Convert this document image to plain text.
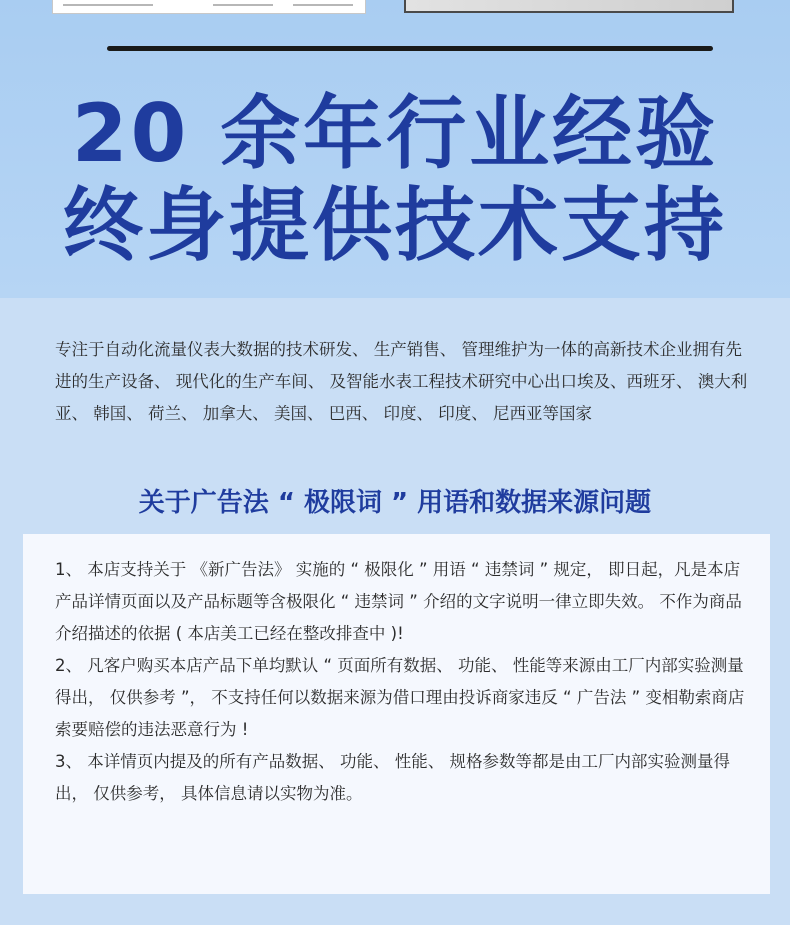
20 余年行业经验
终身提供技术支持
专注于自动化流量仪表大数据的技术研发、 生产销售、 管理维护为一体的高新技术企业拥有先进的生产设备、 现代化的生产车间、 及智能水表工程技术研究中心出口埃及、西班牙、 澳大利亚、 韩国、 荷兰、 加拿大、 美国、 巴西、 印度、 印度、 尼西亚等国家
关于广告法 “ 极限词 ” 用语和数据来源问题
1、 本店支持关于 《新广告法》 实施的 “ 极限化 ” 用语 “ 违禁词 ” 规定， 即日起，凡是本店产品详情页面以及产品标题等含极限化 “ 违禁词 ” 介绍的文字说明一律立即失效。 不作为商品介绍描述的依据 ( 本店美工已经在整改排查中 )!
2、 凡客户购买本店产品下单均默认 “ 页面所有数据、 功能、 性能等来源由工厂内部实验测量得出， 仅供参考 ”， 不支持任何以数据来源为借口理由投诉商家违反 “ 广告法 ” 变相勒索商店索要赔偿的违法恶意行为 !
3、 本详情页内提及的所有产品数据、 功能、 性能、 规格参数等都是由工厂内部实验测量得出， 仅供参考， 具体信息请以实物为准。
